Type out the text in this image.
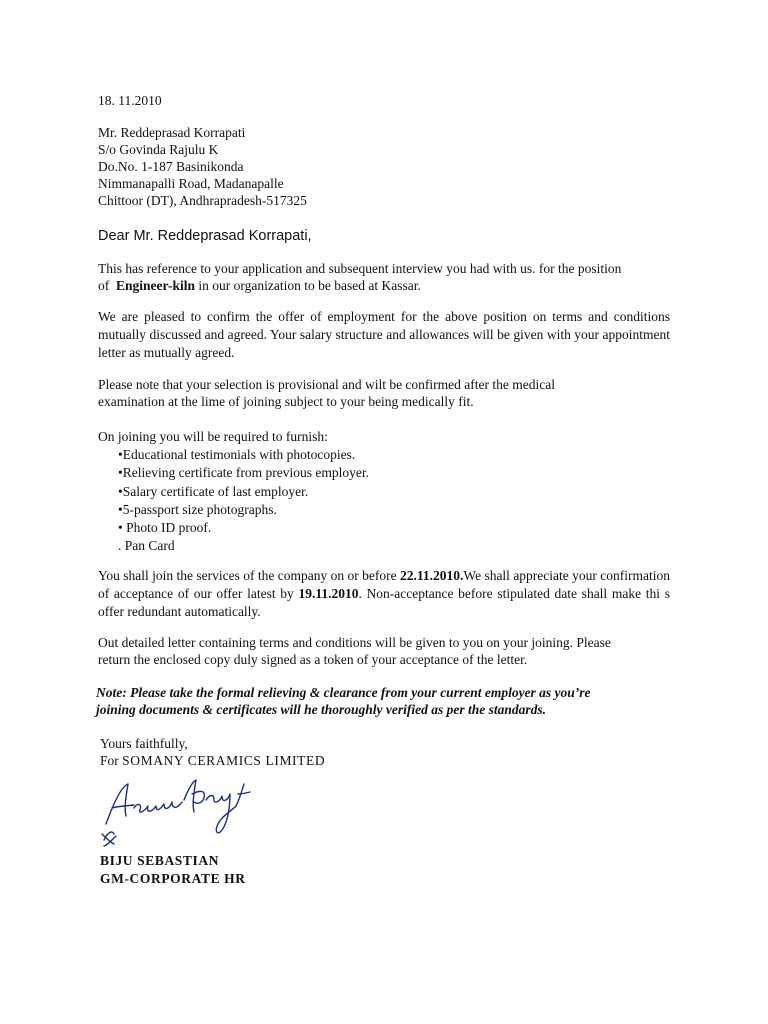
18. 11.2010
Mr. Reddeprasad Korrapati
S/o Govinda Rajulu K
Do.No. 1-187 Basinikonda
Nimmanapalli Road, Madanapalle
Chittoor (DT), Andhrapradesh-517325
Dear Mr. Reddeprasad Korrapati,
This has reference to your application and subsequent interview you had with us. for the position
of Engineer-kiln in our organization to be based at Kassar.
We are pleased to confirm the offer of employment for the above position on terms and conditions mutually discussed and agreed. Your salary structure and allowances will be given with your appointment letter as mutually agreed.
Please note that your selection is provisional and wilt be confirmed after the medical
examination at the lime of joining subject to your being medically fit.
On joining you will be required to furnish:
•Educational testimonials with photocopies.
•Relieving certificate from previous employer.
•Salary certificate of last employer.
•5-passport size photographs.
• Photo ID proof.
. Pan Card
You shall join the services of the company on or before 22.11.2010.We shall appreciate your confirmation of acceptance of our offer latest by 19.11.2010. Non-acceptance before stipulated date shall make thi s offer redundant automatically.
Out detailed letter containing terms and conditions will be given to you on your joining. Please
return the enclosed copy duly signed as a token of your acceptance of the letter.
Note: Please take the formal relieving & clearance from your current employer as you’re
joining documents & certificates will he thoroughly verified as per the standards.
Yours faithfully,
For SOMANY CERAMICS LIMITED
BIJU SEBASTIAN
GM-CORPORATE HR
